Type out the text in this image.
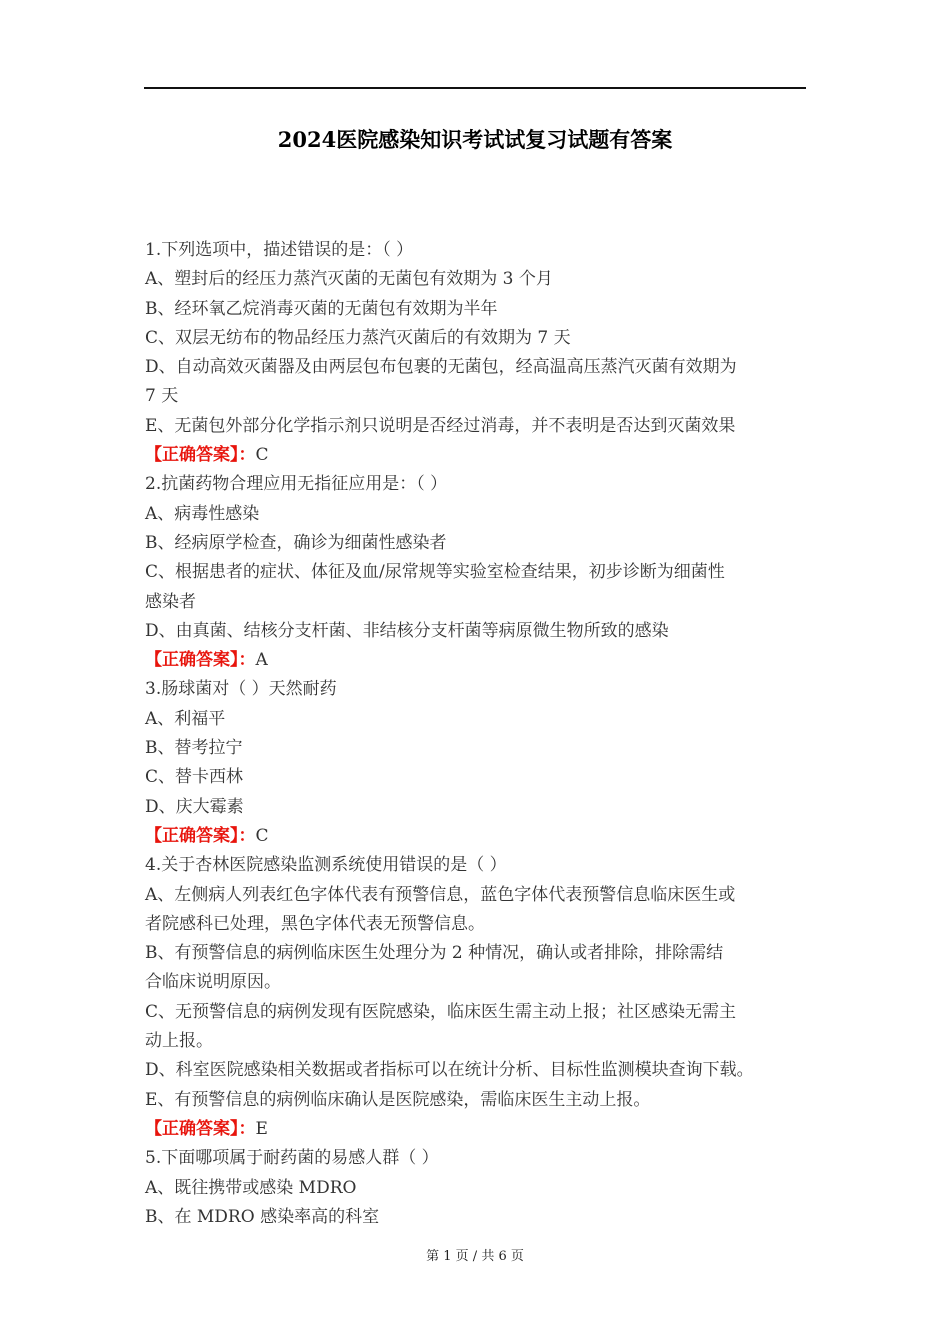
2024医院感染知识考试试复习试题有答案
1.下列选项中，描述错误的是：（ ）
A、塑封后的经压力蒸汽灭菌的无菌包有效期为 3 个月
B、经环氧乙烷消毒灭菌的无菌包有效期为半年
C、双层无纺布的物品经压力蒸汽灭菌后的有效期为 7 天
D、自动高效灭菌器及由两层包布包裹的无菌包，经高温高压蒸汽灭菌有效期为
7 天
E、无菌包外部分化学指示剂只说明是否经过消毒，并不表明是否达到灭菌效果
【正确答案】：C
2.抗菌药物合理应用无指征应用是：（ ）
A、病毒性感染
B、经病原学检查，确诊为细菌性感染者
C、根据患者的症状、体征及血/尿常规等实验室检查结果，初步诊断为细菌性
感染者
D、由真菌、结核分支杆菌、非结核分支杆菌等病原微生物所致的感染
【正确答案】：A
3.肠球菌对（ ）天然耐药
A、利福平
B、替考拉宁
C、替卡西林
D、庆大霉素
【正确答案】：C
4.关于杏林医院感染监测系统使用错误的是（ ）
A、左侧病人列表红色字体代表有预警信息，蓝色字体代表预警信息临床医生或
者院感科已处理，黑色字体代表无预警信息。
B、有预警信息的病例临床医生处理分为 2 种情况，确认或者排除，排除需结
合临床说明原因。
C、无预警信息的病例发现有医院感染，临床医生需主动上报；社区感染无需主
动上报。
D、科室医院感染相关数据或者指标可以在统计分析、目标性监测模块查询下载。
E、有预警信息的病例临床确认是医院感染，需临床医生主动上报。
【正确答案】：E
5.下面哪项属于耐药菌的易感人群（ ）
A、既往携带或感染 MDRO
B、在 MDRO 感染率高的科室
第 1 页 / 共 6 页
